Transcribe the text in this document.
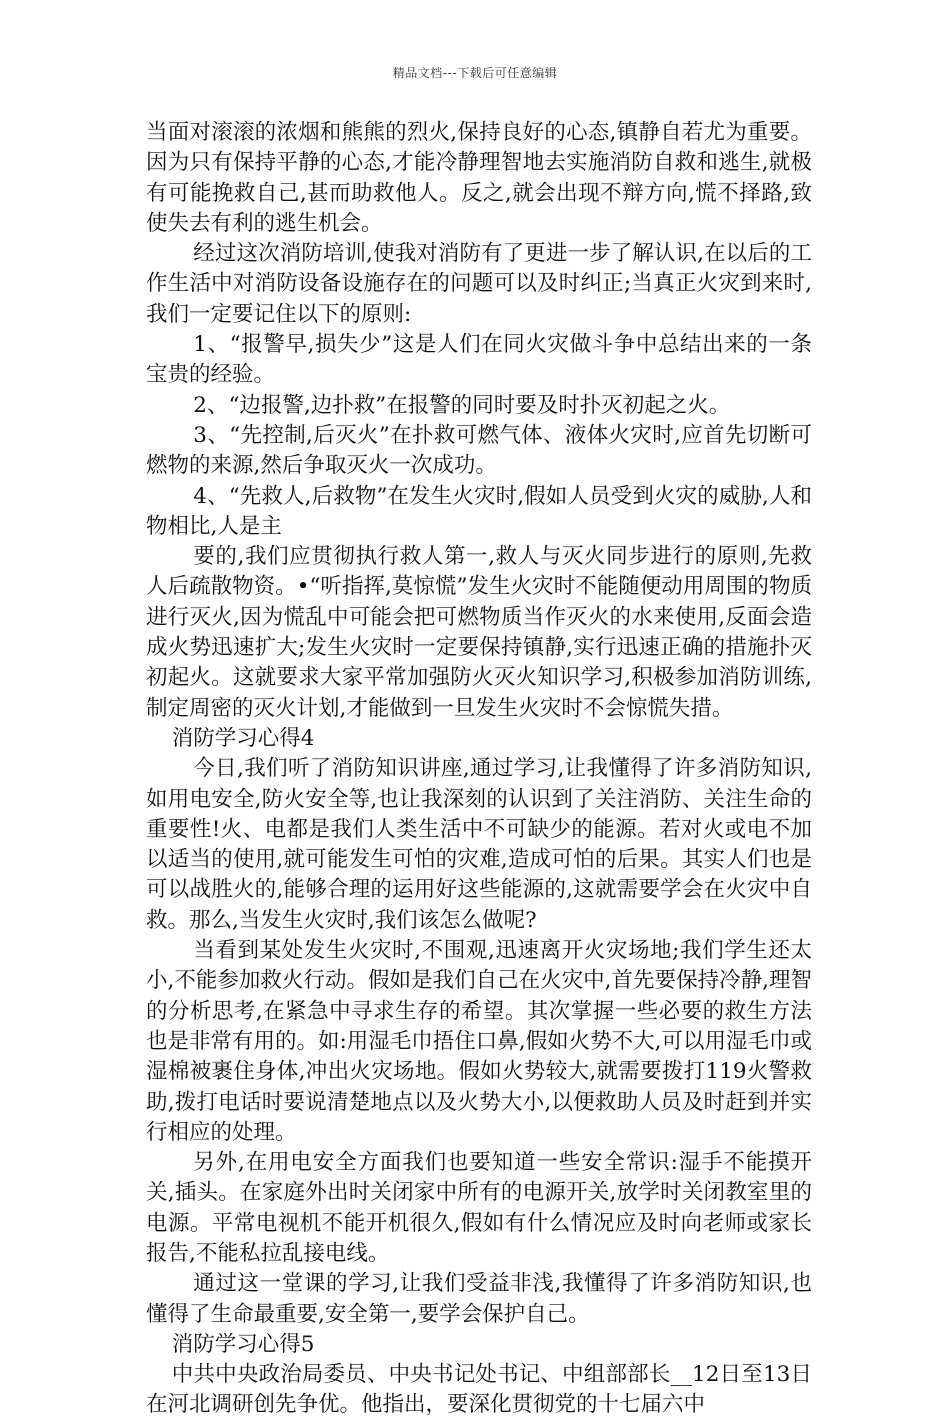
精品文档---下载后可任意编辑

当面对滚滚的浓烟和熊熊的烈火,保持良好的心态,镇静自若尤为重要。因为只有保持平静的心态,才能冷静理智地去实施消防自救和逃生,就极有可能挽救自己,甚而助救他人。反之,就会出现不辩方向,慌不择路,致使失去有利的逃生机会。

经过这次消防培训,使我对消防有了更进一步了解认识,在以后的工作生活中对消防设备设施存在的问题可以及时纠正;当真正火灾到来时,我们一定要记住以下的原则:

1、“报警早,损失少”这是人们在同火灾做斗争中总结出来的一条宝贵的经验。

2、“边报警,边扑救”在报警的同时要及时扑灭初起之火。

3、“先控制,后灭火”在扑救可燃气体、液体火灾时,应首先切断可燃物的来源,然后争取灭火一次成功。

4、“先救人,后救物”在发生火灾时,假如人员受到火灾的威胁,人和物相比,人是主

要的,我们应贯彻执行救人第一,救人与灭火同步进行的原则,先救人后疏散物资。•“听指挥,莫惊慌”发生火灾时不能随便动用周围的物质进行灭火,因为慌乱中可能会把可燃物质当作灭火的水来使用,反面会造成火势迅速扩大;发生火灾时一定要保持镇静,实行迅速正确的措施扑灭初起火。这就要求大家平常加强防火灭火知识学习,积极参加消防训练,制定周密的灭火计划,才能做到一旦发生火灾时不会惊慌失措。

消防学习心得4

今日,我们听了消防知识讲座,通过学习,让我懂得了许多消防知识,如用电安全,防火安全等,也让我深刻的认识到了关注消防、关注生命的重要性!火、电都是我们人类生活中不可缺少的能源。若对火或电不加以适当的使用,就可能发生可怕的灾难,造成可怕的后果。其实人们也是可以战胜火的,能够合理的运用好这些能源的,这就需要学会在火灾中自救。那么,当发生火灾时,我们该怎么做呢?

当看到某处发生火灾时,不围观,迅速离开火灾场地;我们学生还太小,不能参加救火行动。假如是我们自己在火灾中,首先要保持冷静,理智的分析思考,在紧急中寻求生存的希望。其次掌握一些必要的救生方法也是非常有用的。如:用湿毛巾捂住口鼻,假如火势不大,可以用湿毛巾或湿棉被裹住身体,冲出火灾场地。假如火势较大,就需要拨打119火警救助,拨打电话时要说清楚地点以及火势大小,以便救助人员及时赶到并实行相应的处理。

另外,在用电安全方面我们也要知道一些安全常识:湿手不能摸开关,插头。在家庭外出时关闭家中所有的电源开关,放学时关闭教室里的电源。平常电视机不能开机很久,假如有什么情况应及时向老师或家长报告,不能私拉乱接电线。

通过这一堂课的学习,让我们受益非浅,我懂得了许多消防知识,也懂得了生命最重要,安全第一,要学会保护自己。

消防学习心得5

中共中央政治局委员、中央书记处书记、中组部部长__12日至13日在河北调研创先争优。他指出，要深化贯彻党的十七届六中
